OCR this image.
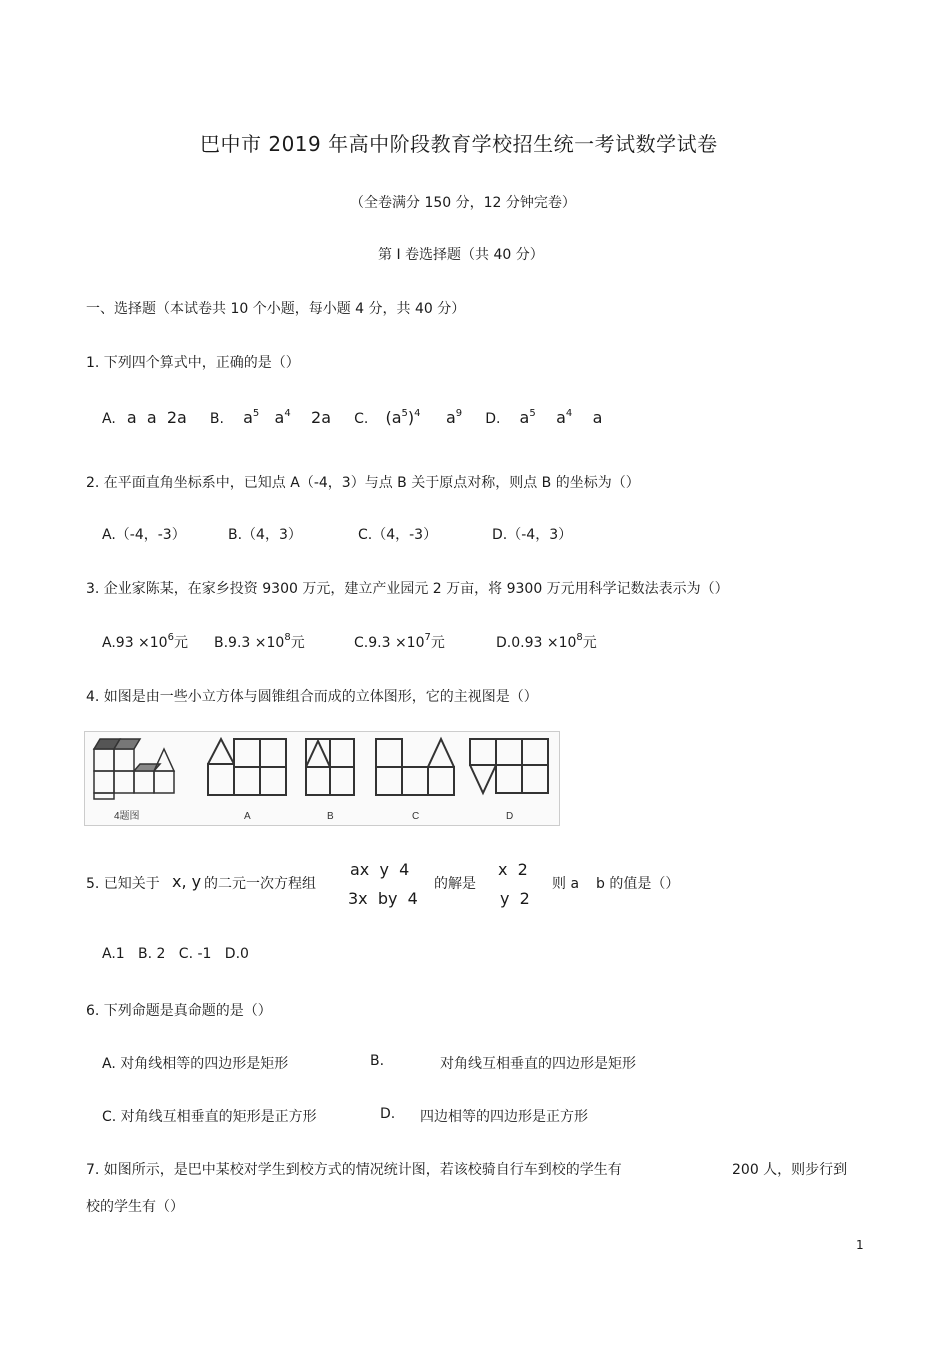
巴中市 2019 年高中阶段教育学校招生统一考试数学试卷
（全卷满分 150 分，12 分钟完卷）
第 I 卷选择题（共 40 分）
一、选择题（本试卷共 10 个小题，每小题 4 分，共 40 分）
1. 下列四个算式中，正确的是（）
A. a  a  2a B. $a^5$ $a^4$ 2a C. $(a^5)^4$ $a^9$ D. $a^5$ $a^4$ a
2. 在平面直角坐标系中，已知点 A（-4，3）与点 B 关于原点对称，则点 B 的坐标为（）
A.（-4，-3）	B.（4，3）	C.（4，-3）	D.（-4，3）
3. 企业家陈某，在家乡投资 9300 万元，建立产业园元 2 万亩，将 9300 万元用科学记数法表示为（）
$A.93 \times 10^6$元 $B.9.3 \times 10^8$元	$C.9.3 \times 10^7$元	$D.0.93 \times 10^8$元
4. 如图是由一些小立方体与圆锥组合而成的立体图形，它的主视图是（）
4题图	A	B	C	D
5. 已知关于 x, y 的二元一次方程组
ax  y  4
3x  by  4
的解是
x  2
y  2
则 a b 的值是（）
A.1   B. 2   C. -1   D.0
6. 下列命题是真命题的是（）
A. 对角线相等的四边形是矩形	B.	对角线互相垂直的四边形是矩形
C. 对角线互相垂直的矩形是正方形	D. 四边相等的四边形是正方形
7. 如图所示，是巴中某校对学生到校方式的情况统计图，若该校骑自行车到校的学生有	200 人，则步行到
校的学生有（）
1
